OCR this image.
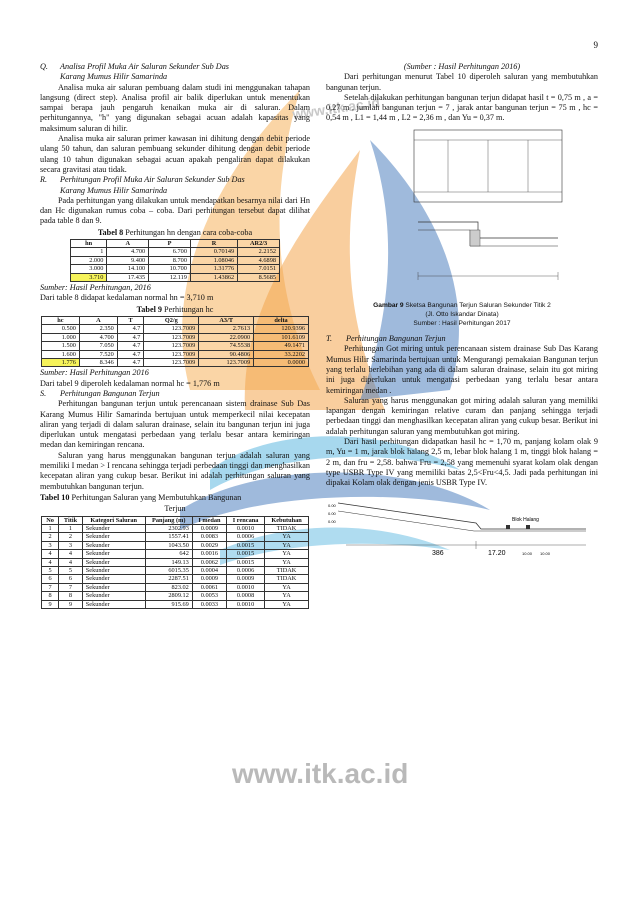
www.itk.ac.id
www.itk.ac.id
9
Q. Analisa Profil Muka Air Saluran Sekunder Sub Das
Karang Mumus Hilir Samarinda

Analisa muka air saluran pembuang dalam studi ini menggunakan tahapan langsung (direct step). Analisa profil air balik diperlukan untuk menentukan sampai berapa jauh pengaruh kenaikan muka air di saluran. Dalam perhitungannya, "h" yang digunakan sebagai acuan adalah kapasitas yang maksimum saluran di hilir.

Analisa muka air saluran primer kawasan ini dihitung dengan debit periode ulang 50 tahun, dan saluran pembuang sekunder dihitung dengan debit periode ulang 10 tahun digunakan sebagai acuan apakah pengaliran dapat dilakukan secara gravitasi atau tidak.

R. Perhitungan Profil Muka Air Saluran Sekunder Sub Das
Karang Mumus Hilir Samarinda

Pada perhitungan yang dilakukan untuk mendapatkan besarnya nilai dari Hn dan Hc digunakan rumus coba – coba. Dari perhitungan tersebut dapat dilihat pada table 8 dan 9.

Tabel 8 Perhitungan hn dengan cara coba-coba
hn	A	P	R	AR2/3
1	4.700	6.700	0.70149	2.2152
2.000	9.400	8.700	1.08046	4.6898
3.000	14.100	10.700	1.31776	7.0151
3.710	17.435	12.119	1.43862	8.5685

Sumber: Hasil Perhitungan, 2016

Dari table 8 didapat kedalaman normal hn = 3,710 m

Tabel 9 Perhitungan hc
hc	A	T	Q2/g	A3/T	delta
0.500	2.350	4.7	123.7009	2.7613	120.9396
1.000	4.700	4.7	123.7009	22.0900	101.6109
1.500	7.050	4.7	123.7009	74.5538	49.1471
1.600	7.520	4.7	123.7009	90.4806	33.2202
1.776	8.346	4.7	123.7009	123.7009	0.0000

Sumber: Hasil Perhitungan 2016

Dari tabel 9 diperoleh kedalaman normal hc = 1,776 m

S. Perhitungan Bangunan Terjun

Perhitungan bangunan terjun untuk perencanaan sistem drainase Sub Das Karang Mumus Hilir Samarinda bertujuan untuk memperkecil nilai kecepatan aliran yang terjadi di dalam saluran drainase, selain itu bangunan terjun ini juga diperlukan untuk mengatasi perbedaan yang terlalu besar antara kemiringan medan dan kemiringan rencana.

Saluran yang harus menggunakan bangunan terjun adalah saluran yang memiliki I medan > I rencana sehingga terjadi perbedaan tinggi dan menghasilkan kecepatan aliran yang cukup besar. Berikut ini adalah perhitungan saluran yang membutuhkan bangunan terjun.

Tabel 10 Perhitungan Saluran yang Membutuhkan Bangunan
Terjun
No	Titik	Kategori Saluran	Panjang (m)	I medan	I rencana	Kebutuhan
1	1	Sekunder	2302.93	0.0009	0.0010	TIDAK
2	2	Sekunder	1557.41	0.0083	0.0006	YA
3	3	Sekunder	1043.50	0.0029	0.0015	YA
4	4	Sekunder	642	0.0016	0.0015	YA
4	4	Sekunder	149.13	0.0062	0.0015	YA
5	5	Sekunder	6015.35	0.0004	0.0006	TIDAK
6	6	Sekunder	2287.51	0.0009	0.0009	TIDAK
7	7	Sekunder	823.02	0.0061	0.0010	YA
8	8	Sekunder	2809.12	0.0053	0.0008	YA
9	9	Sekunder	915.69	0.0033	0.0010	YA

(Sumber : Hasil Perhitungan 2016)

Dari perhitungan menurut Tabel 10 diperoleh saluran yang membutuhkan bangunan terjun.

Setelah dilakukan perhitungan bangunan terjun didapat hasil t = 0,75 m , a = 0,27 m , jumlah bangunan terjun = 7 , jarak antar bangunan terjun = 75 m , hc = 0,54 m , L1 = 1,44 m , L2 = 2,36 m , dan Yu = 0,37 m.

Gambar 9 Sketsa Bangunan Terjun Saluran Sekunder Titik 2
(Jl. Otto Iskandar Dinata)
Sumber : Hasil Perhitungan 2017
T. Perhitungan Bangunan Terjun

Perhitungan Got miring untuk perencanaan sistem drainase Sub Das Karang Mumus Hilir Samarinda bertujuan untuk Mengurangi pemakaian Bangunan terjun yang terlalu berlebihan yang ada di dalam saluran drainase, selain itu got miring ini juga diperlukan untuk mengatasi perbedaan yang terlalu besar antara kemiringan medan .

Saluran yang harus menggunakan got miring adalah saluran yang memiliki lapangan dengan kemiringan relative curam dan panjang sehingga terjadi perbedaan tinggi dan menghasilkan kecepatan aliran yang cukup besar. Berikut ini adalah perhitungan saluran yang membutuhkan got miring.

Dari hasil perhitungan didapatkan hasil hc = 1,70 m, panjang kolam olak 9 m, Yu = 1 m, jarak blok halang 2,5 m, lebar blok halang 1 m, tinggi blok halang = 2 m, dan fru = 2,58. bahwa Fru = 2,58 yang memenuhi syarat kolam olak dengan type USBR Type IV yang memiliki batas 2,5<Fru<4,5. Jadi pada perhitungan ini dipakai Kolam olak dengan jenis USBR Type IV.

0.00
0.00
0.00	Blok Halang
386	17.20	10.00 10.00
